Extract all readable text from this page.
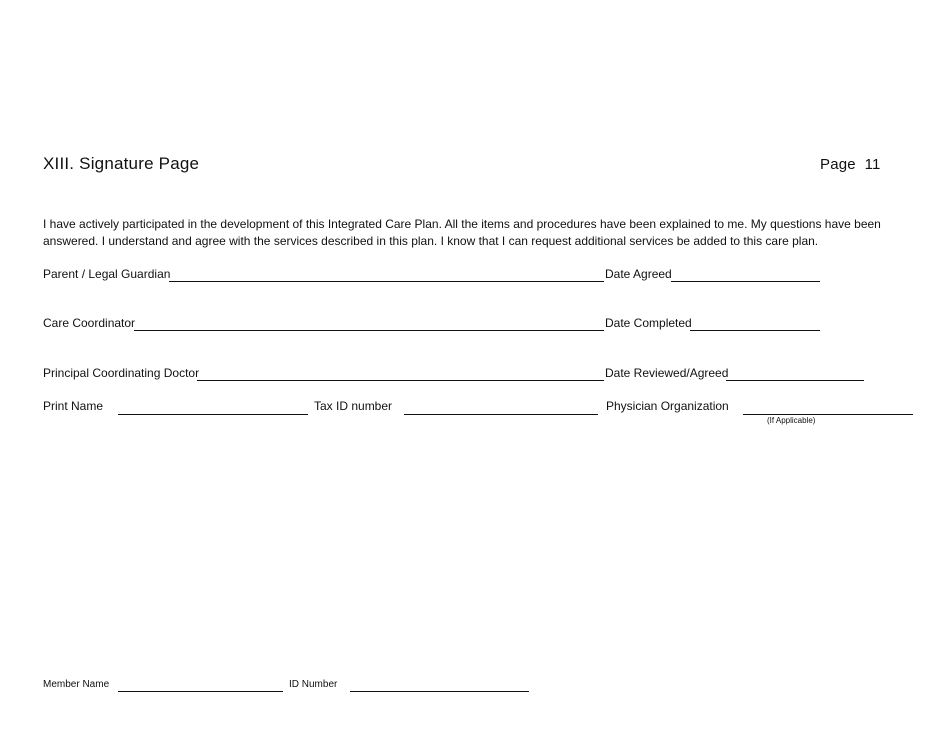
XIII. Signature Page	Page  11
I have actively participated in the development of this Integrated Care Plan. All the items and procedures have been explained to me. My questions have been
answered. I understand and agree with the services described in this plan. I know that I can request additional services be added to this care plan.
Parent / Legal Guardian	Date Agreed
Care Coordinator	Date Completed
Principal Coordinating Doctor	Date Reviewed/Agreed
Print Name	Tax ID number	Physician Organization
(If Applicable)
Member Name	ID Number
